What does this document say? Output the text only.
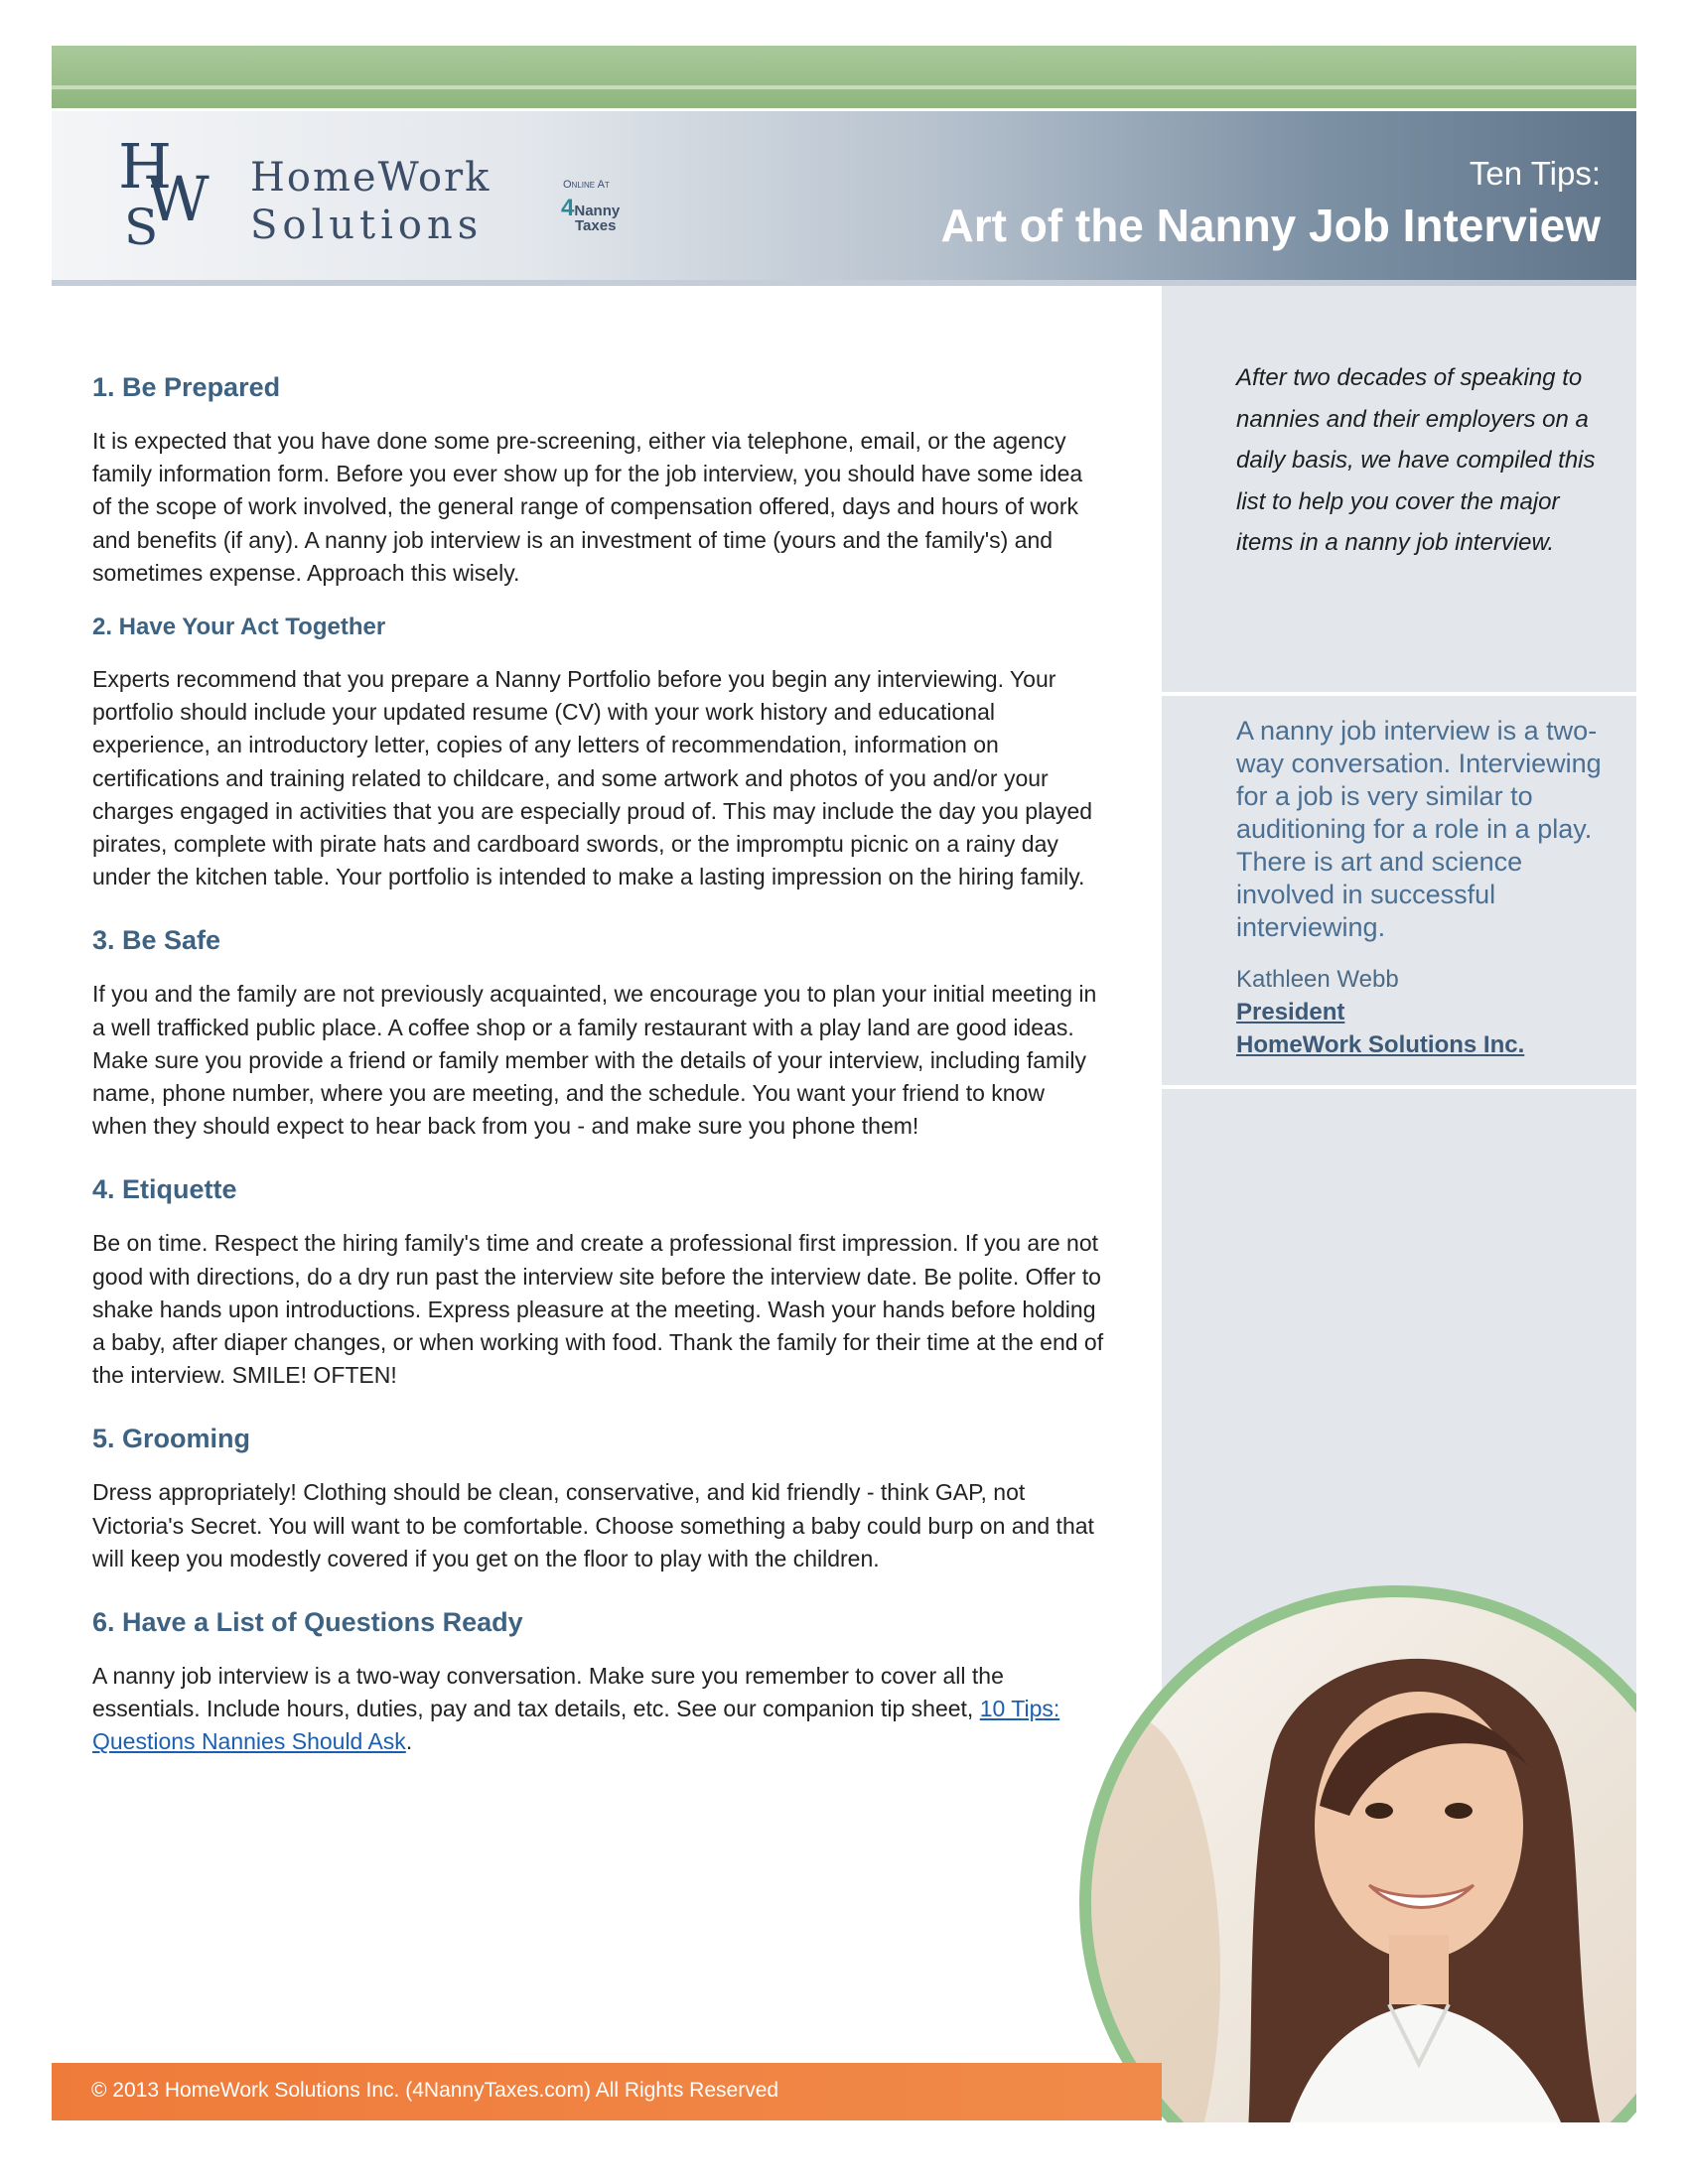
H
W
S
HomeWork
Solutions
Online At
4Nanny
Taxes
Ten Tips:
Art of the Nanny Job Interview
After two decades of speaking to nannies and their employers on a daily basis, we have compiled this list to help you cover the major items in a nanny job interview.
A nanny job interview is a two-way conversation. Interviewing for a job is very similar to auditioning for a role in a play. There is art and science involved in successful interviewing.
Kathleen Webb
President
HomeWork Solutions Inc.
1. Be Prepared
It is expected that you have done some pre-screening, either via telephone, email, or the agency family information form. Before you ever show up for the job interview, you should have some idea of the scope of work involved, the general range of compensation offered, days and hours of work and benefits (if any). A nanny job interview is an investment of time (yours and the family's) and sometimes expense. Approach this wisely.
2. Have Your Act Together
Experts recommend that you prepare a Nanny Portfolio before you begin any interviewing. Your portfolio should include your updated resume (CV) with your work history and educational experience, an introductory letter, copies of any letters of recommendation, information on certifications and training related to childcare, and some artwork and photos of you and/or your charges engaged in activities that you are especially proud of. This may include the day you played pirates, complete with pirate hats and cardboard swords, or the impromptu picnic on a rainy day under the kitchen table. Your portfolio is intended to make a lasting impression on the hiring family.
3. Be Safe
If you and the family are not previously acquainted, we encourage you to plan your initial meeting in a well trafficked public place. A coffee shop or a family restaurant with a play land are good ideas. Make sure you provide a friend or family member with the details of your interview, including family name, phone number, where you are meeting, and the schedule. You want your friend to know when they should expect to hear back from you - and make sure you phone them!
4. Etiquette
Be on time. Respect the hiring family's time and create a professional first impression. If you are not good with directions, do a dry run past the interview site before the interview date. Be polite. Offer to shake hands upon introductions. Express pleasure at the meeting. Wash your hands before holding a baby, after diaper changes, or when working with food. Thank the family for their time at the end of the interview. SMILE! OFTEN!
5. Grooming
Dress appropriately! Clothing should be clean, conservative, and kid friendly - think GAP, not Victoria's Secret. You will want to be comfortable. Choose something a baby could burp on and that will keep you modestly covered if you get on the floor to play with the children.
6. Have a List of Questions Ready
A nanny job interview is a two-way conversation. Make sure you remember to cover all the essentials. Include hours, duties, pay and tax details, etc. See our companion tip sheet, 10 Tips: Questions Nannies Should Ask.
© 2013 HomeWork Solutions Inc. (4NannyTaxes.com) All Rights Reserved
